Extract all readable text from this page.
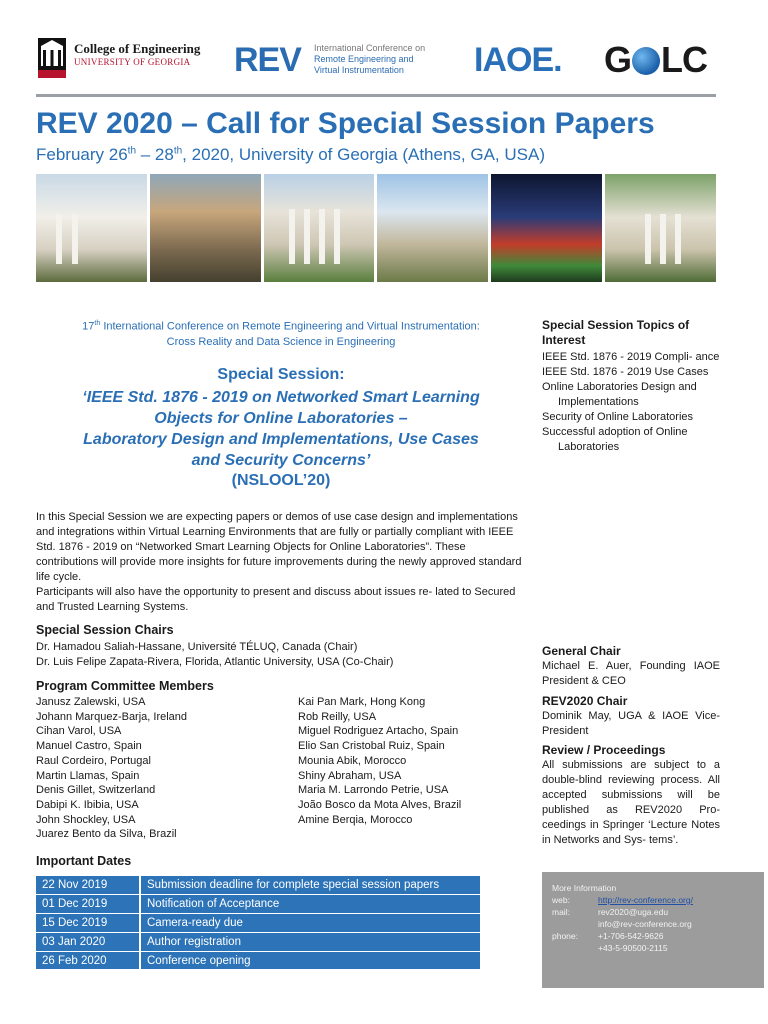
College of Engineering
UNIVERSITY OF GEORGIA REV International Conference on
Remote Engineering and
Virtual Instrumentation	IAOE. G LC
REV 2020 – Call for Special Session Papers
February 26th – 28th, 2020, University of Georgia (Athens, GA, USA)
17th International Conference on Remote Engineering and Virtual Instrumentation:
Cross Reality and Data Science in Engineering
Special Session:
‘IEEE Std. 1876 - 2019 on Networked Smart Learning
Objects for Online Laboratories –
Laboratory Design and Implementations, Use Cases
and Security Concerns’
(NSLOOL’20)
Special Session Topics of
Interest
IEEE Std. 1876 - 2019 Compli- ance
IEEE Std. 1876 - 2019 Use Cases
Online Laboratories Design and Implementations
Security of Online Laboratories
Successful adoption of Online Laboratories

In this Special Session we are expecting papers or demos of use case design and implementations and integrations within Virtual Learning Environments that are fully or partially compliant with IEEE Std. 1876 - 2019 on “Networked Smart Learning Objects for Online Laboratories”. These contributions will provide more insights for future improvements during the newly approved standard life cycle.

Participants will also have the opportunity to present and discuss about issues re- lated to Secured and Trusted Learning Systems.

Special Session Chairs
Dr. Hamadou Saliah-Hassane, Université TÉLUQ, Canada (Chair)
Dr. Luis Felipe Zapata-Rivera, Florida, Atlantic University, USA (Co-Chair)
Program Committee Members
Janusz Zalewski, USA
Johann Marquez-Barja, Ireland
Cihan Varol, USA
Manuel Castro, Spain
Raul Cordeiro, Portugal
Martin Llamas, Spain
Denis Gillet, Switzerland
Dabipi K. Ibibia, USA
John Shockley, USA
Juarez Bento da Silva, Brazil
Kai Pan Mark, Hong Kong
Rob Reilly, USA
Miguel Rodriguez Artacho, Spain
Elio San Cristobal Ruiz, Spain
Mounia Abik, Morocco
Shiny Abraham, USA
Maria M. Larrondo Petrie, USA
João Bosco da Mota Alves, Brazil
Amine Berqia, Morocco
General Chair
Michael E. Auer, Founding IAOE President & CEO
REV2020 Chair
Dominik May, UGA & IAOE Vice-President
Review / Proceedings
All submissions are subject to a double-blind reviewing process. All accepted submissions will be published as REV2020 Pro- ceedings in Springer ‘Lecture Notes in Networks and Sys- tems’.
Important Dates
22 Nov 2019	Submission deadline for complete special session papers
01 Dec 2019	Notification of Acceptance
15 Dec 2019	Camera-ready due
03 Jan 2020	Author registration
26 Feb 2020	Conference opening
More Information
web:	http://rev-conference.org/
mail:	rev2020@uga.edu
info@rev-conference.org
phone: +1-706-542-9626
+43-5-90500-2115
